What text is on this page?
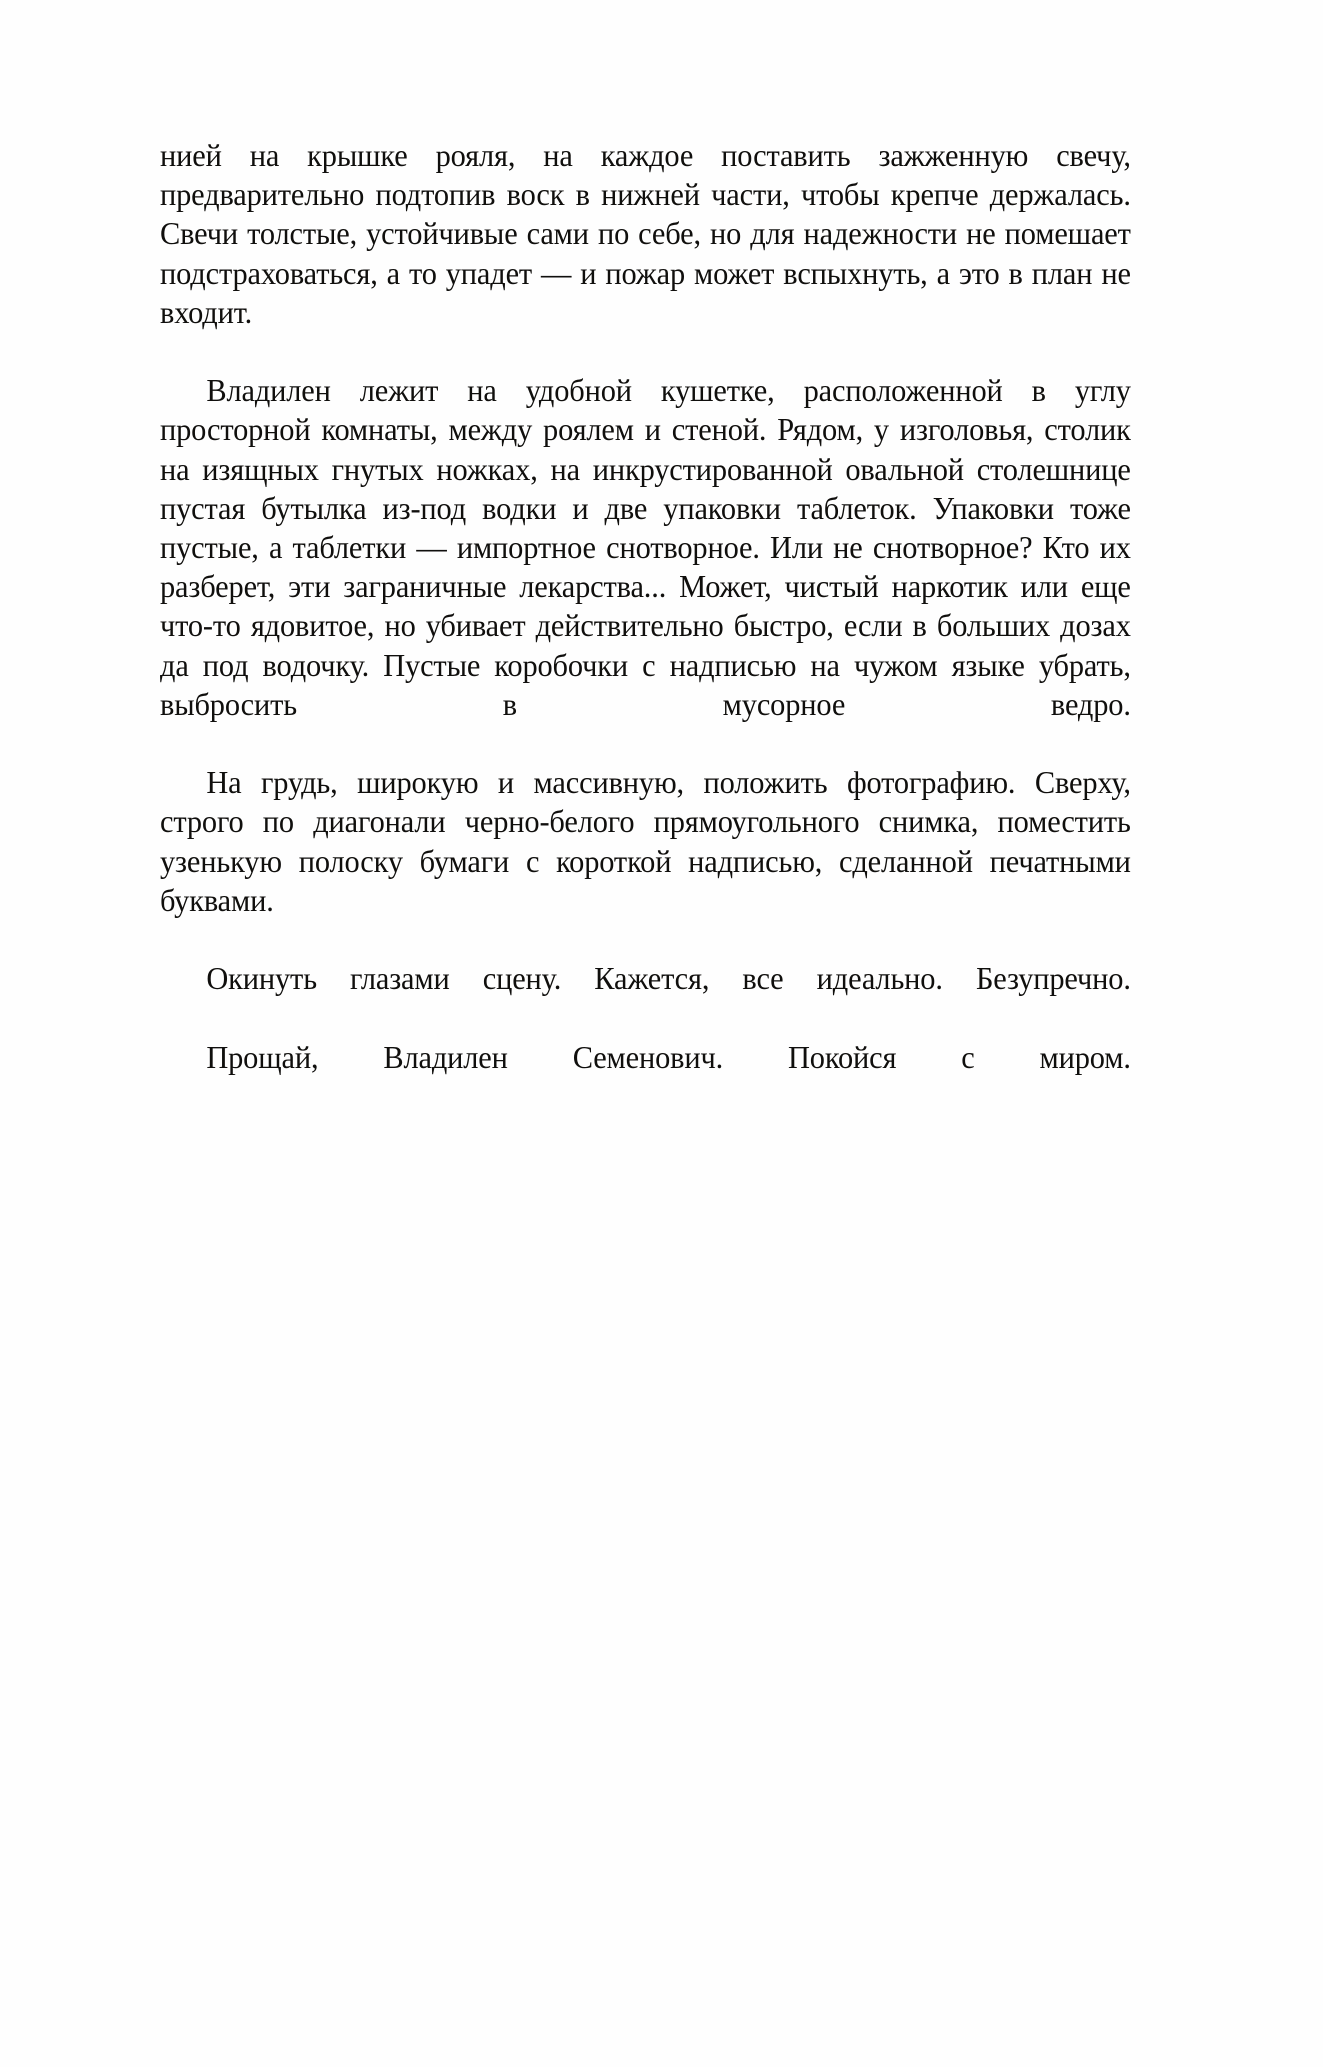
нией на крышке рояля, на каждое поставить зажженную свечу, предварительно подтопив воск в нижней части, чтобы крепче держалась. Свечи толстые, устойчивые сами по себе, но для надежности не помешает подстраховаться, а то упадет — и пожар может вспыхнуть, а это в план не входит.

Владилен лежит на удобной кушетке, расположенной в углу просторной комнаты, между роялем и стеной. Рядом, у изголовья, столик на изящных гнутых ножках, на инкрустированной овальной столешнице пустая бутылка из-под водки и две упаковки таблеток. Упаковки тоже пустые, а таблетки — импортное снотворное. Или не снотворное? Кто их разберет, эти заграничные лекарства... Может, чистый наркотик или еще что-то ядовитое, но убивает действительно быстро, если в больших дозах да под водочку. Пустые коробочки с надписью на чужом языке убрать, выбросить в мусорное ведро.

На грудь, широкую и массивную, положить фотографию. Сверху, строго по диагонали черно-белого прямоугольного снимка, поместить узенькую полоску бумаги с короткой надписью, сделанной печатными буквами.

Окинуть глазами сцену. Кажется, все идеально. Безупречно.

Прощай, Владилен Семенович. Покойся с миром.
